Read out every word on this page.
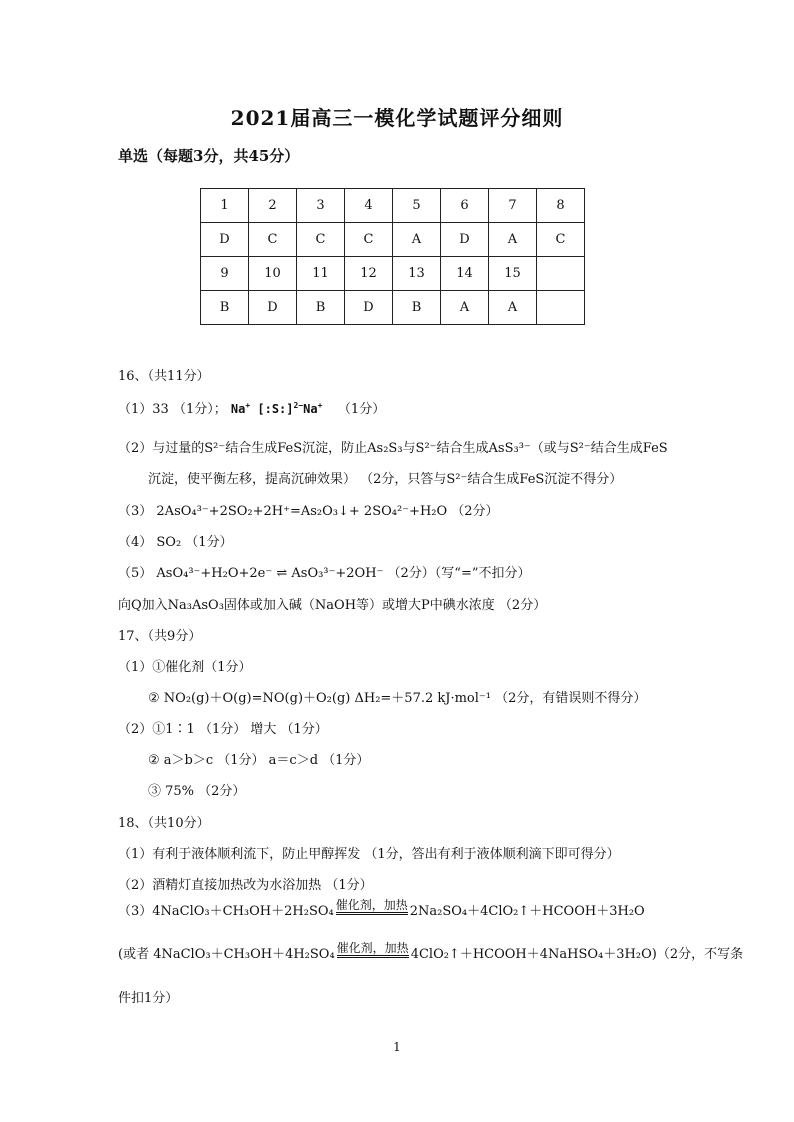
2021届高三一模化学试题评分细则
单选（每题3分，共45分）
1	2	3	4	5	6	7	8
D	C	C	C	A	D	A	C
9	10	11	12	13	14	15	
B	D	B	D	B	A	A	
16、（共11分）
（1）33 （1分）； Na+ [:S:]$^{2-}$Na+ （1分）
（2）与过量的S²⁻结合生成FeS沉淀，防止As₂S₃与S²⁻结合生成AsS₃³⁻（或与S²⁻结合生成FeS
沉淀，使平衡左移，提高沉砷效果） （2分，只答与S²⁻结合生成FeS沉淀不得分）
（3） 2AsO₄³⁻+2SO₂+2H⁺=As₂O₃↓+ 2SO₄²⁻+H₂O （2分）
（4） SO₂ （1分）
（5） AsO₄³⁻+H₂O+2e⁻ ⇌ AsO₃³⁻+2OH⁻ （2分）（写“=”不扣分）
向Q加入Na₃AsO₃固体或加入碱（NaOH等）或增大P中碘水浓度 （2分）
17、（共9分）
（1）①催化剂（1分）
② NO₂(g)＋O(g)=NO(g)＋O₂(g) ΔH₂=＋57.2 kJ·mol⁻¹ （2分，有错误则不得分）
（2）①1∶1 （1分） 增大 （1分）
② a＞b＞c （1分） a＝c＞d （1分）
③ 75% （2分）
18、（共10分）
（1）有利于液体顺利流下，防止甲醇挥发 （1分，答出有利于液体顺利滴下即可得分）
（2）酒精灯直接加热改为水浴加热 （1分）
（3）4NaClO₃＋CH₃OH＋2H₂SO₄ 催化剂，加热 2Na₂SO₄＋4ClO₂↑＋HCOOH＋3H₂O
(或者 4NaClO₃＋CH₃OH＋4H₂SO₄ 催化剂，加热 4ClO₂↑＋HCOOH＋4NaHSO₄＋3H₂O)（2分，不写条
件扣1分）
1
